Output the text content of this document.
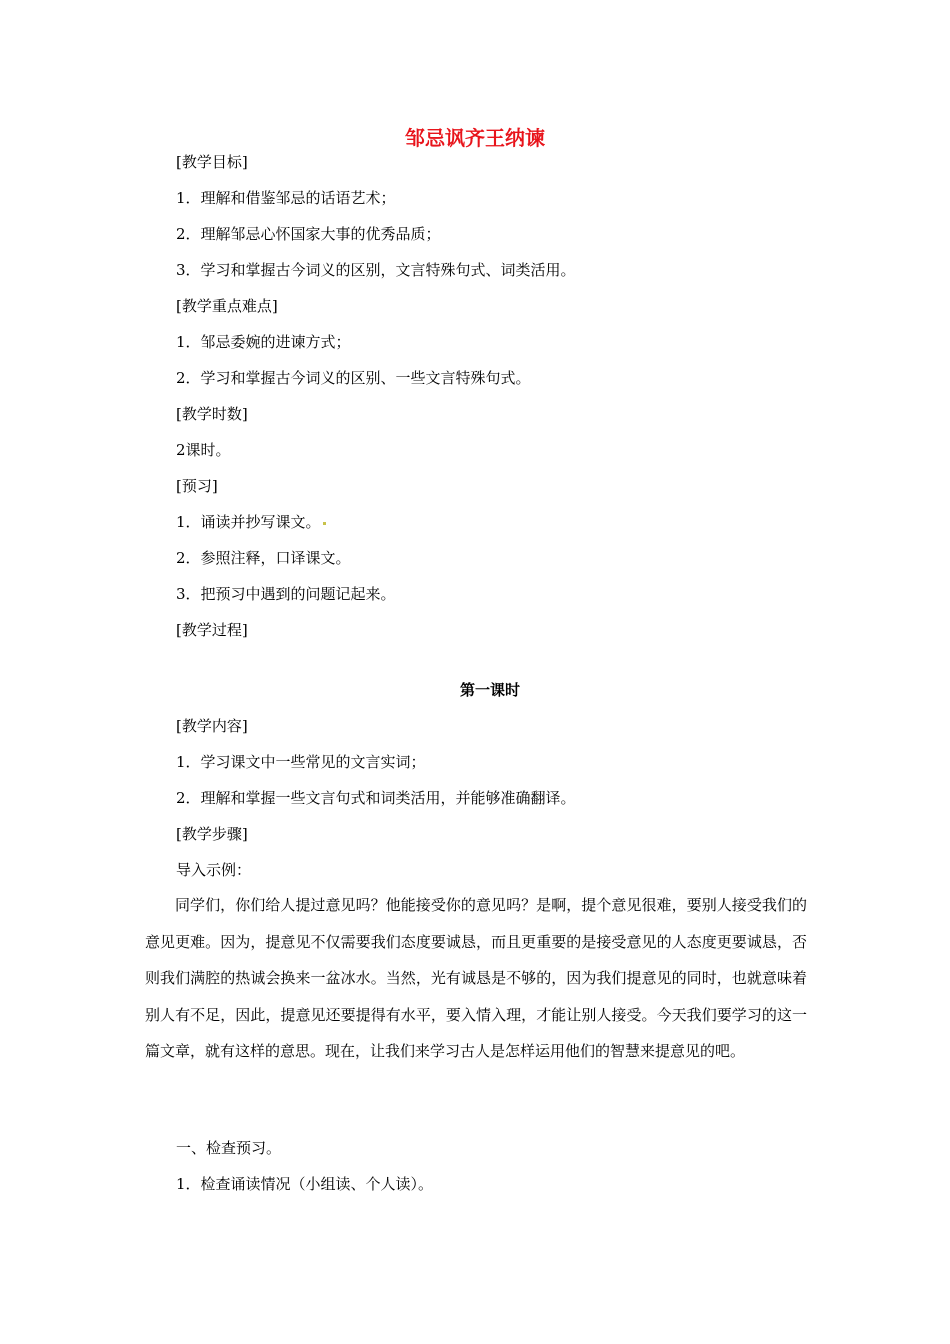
邹忌讽齐王纳谏
[教学目标]
1．理解和借鉴邹忌的话语艺术；
2．理解邹忌心怀国家大事的优秀品质；
3．学习和掌握古今词义的区别，文言特殊句式、词类活用。
[教学重点难点]
1．邹忌委婉的进谏方式；
2．学习和掌握古今词义的区别、一些文言特殊句式。
[教学时数]
2课时。
[预习]
1．诵读并抄写课文。
2．参照注释，口译课文。
3．把预习中遇到的问题记起来。
[教学过程]
第一课时
[教学内容]
1．学习课文中一些常见的文言实词；
2．理解和掌握一些文言句式和词类活用，并能够准确翻译。
[教学步骤]
导入示例：
同学们，你们给人提过意见吗？他能接受你的意见吗？是啊，提个意见很难，要别人接受我们的意见更难。因为，提意见不仅需要我们态度要诚恳，而且更重要的是接受意见的人态度更要诚恳，否则我们满腔的热诚会换来一盆冰水。当然，光有诚恳是不够的，因为我们提意见的同时，也就意味着别人有不足，因此，提意见还要提得有水平，要入情入理，才能让别人接受。今天我们要学习的这一篇文章，就有这样的意思。现在，让我们来学习古人是怎样运用他们的智慧来提意见的吧。
一、检查预习。
1．检查诵读情况（小组读、个人读）。
